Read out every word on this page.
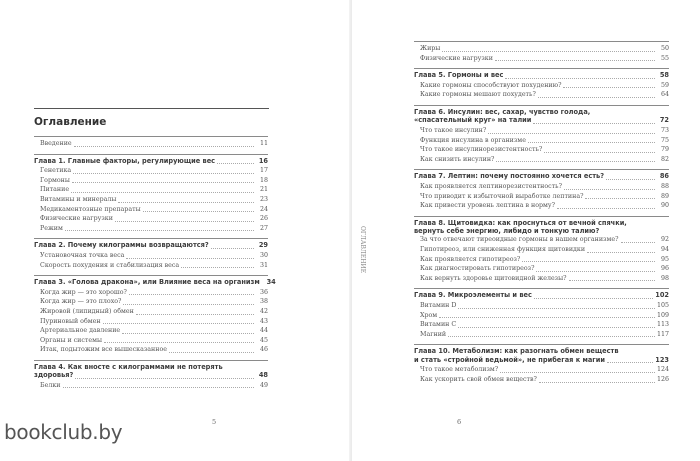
Оглавление
Введение	11
Глава 1. Главные факторы, регулирующие вес	16
Генетика	17
Гормоны	18
Питание	21
Витамины и минералы	23
Медикаментозные препараты	24
Физические нагрузки	26
Режим	27
Глава 2. Почему килограммы возвращаются?	29
Установочная точка веса	30
Скорость похудения и стабилизация веса	31
Глава 3. «Голова дракона», или Влияние веса на организм	34
Когда жир — это хорошо?	36
Когда жир — это плохо?	38
Жировой (липидный) обмен	42
Пуриновый обмен	43
Артериальное давление	44
Органы и системы	45
Итак, подытожим все вышесказанное	46
Глава 4. Как вносте с килограммами не потерять
здоровья?	48
Белки	49
5	6
ОГЛАВЛЕНИЕ
Жиры	50
Физические нагрузки	55
Глава 5. Гормоны и вес	58
Какие гормоны способствуют похудению?	59
Какие гормоны мешают похудеть?	64
Глава 6. Инсулин: вес, сахар, чувство голода,
«спасательный круг» на талии	72
Что такое инсулин?	73
Функция инсулина в организме	75
Что такое инсулинорезистентность?	79
Как снизить инсулин?	82
Глава 7. Лептин: почему постоянно хочется есть?	86
Как проявляется лептинорезистентность?	88
Что приводит к избыточной выработке лептина?	89
Как привести уровень лептина в норму?	90
Глава 8. Щитовидка: как проснуться от вечной спячки,
вернуть себе энергию, либидо и тонкую талию?
За что отвечают тиреоидные гормоны в нашем организме?	92
Гипотиреоз, или сниженная функция щитовидки	94
Как проявляется гипотиреоз?	95
Как диагностировать гипотиреоз?	96
Как вернуть здоровье щитовидной железы?	98
Глава 9. Микроэлементы и вес	102
Витамин D	105
Хром	109
Витамин С	113
Магний	117
Глава 10. Метаболизм: как разогнать обмен веществ
и стать «стройной ведьмой», не прибегая к магии	123
Что такое метаболизм?	124
Как ускорить свой обмен веществ?	126
bookclub.by
